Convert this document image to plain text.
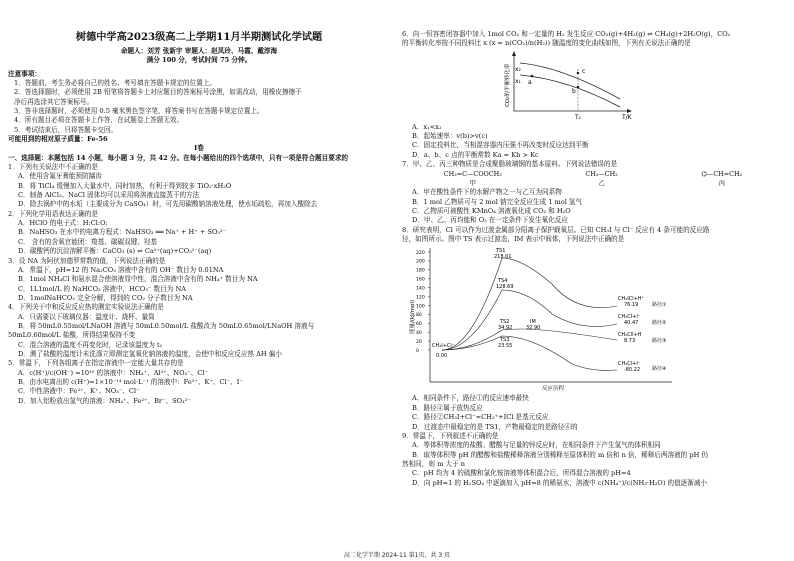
树德中学高2023级高二上学期11月半期测试化学试题
命题人：刘芳 张新宇 审题人：赵凤玲、马霞、戴淳海
满分 100 分，考试时间 75 分钟。
注意事项：
1．答题前，考生务必将自己的姓名、考号填在答题卡规定的位置上。
2．答选择题时，必须使用 2B 铅笔将答题卡上对应题目的答案标号涂黑，如需改动，用橡皮擦擦干
净后再选涂其它答案标号。
3．答非选择题时，必须使用 0.5 毫米黑色签字笔，将答案书写在答题卡规定位置上。
4．所有题目必须在答题卡上作答，在试题卷上答题无效。
5．考试结束后，只将答题卡交回。
可能用到的相对原子质量：Fe-56
Ⅰ卷
一、选择题：本题包括 14 小题，每小题 3 分，共 42 分。在每小题给出的四个选项中，只有一项是符合题目要求的
1．下列有关说法中不正确的是
A．使用含氟牙膏能预防龋齿
B．将 TiCl₄ 缓慢加入大量水中，同时加热，有利于得到较多 TiO₂·xH₂O
C．制备 AlCl₃、NaCl 固体均可以采用将溶液直接蒸干的方法
D．除去锅炉中的水垢（主要成分为 CaSO₄）时，可先用碳酸钠溶液处理，使水垢疏松，再加入酸除去
2．下列化学用语表达正确的是
A．HClO 的电子式：H:Cl:O:
B．NaHSO₃ 在水中的电离方程式：NaHSO₃ ══ Na⁺ + H⁺ + SO₃²⁻
C． 含有的含氧官能团：羧基、碳碳双键、羟基
D．碳酸钙的沉淀溶解平衡：CaCO₃ (s) ⇌ Ca²⁺(aq)+CO₃²⁻(aq)
3．设 NA 为阿伏加德罗常数的值，下列说法正确的是
A．常温下，pH=12 的 Na₂CO₃ 溶液中含有的 OH⁻ 数目为 0.01NA
B．1mol NH₄Cl 和氨水混合使溶液显中性，混合溶液中含有的 NH₄⁺ 数目为 NA
C．1L1mol/L 的 NaHCO₃ 溶液中，HCO₃⁻ 数目为 NA
D．1molNaHCO₃ 完全分解，得到的 CO₂ 分子数目为 NA
4．下列关于中和反应反应热的测定实验说法正确的是
A．只需要以下玻璃仪器：温度计、烧杯、量筒
B．将 50mL0.55mol/LNaOH 溶液与 50mL0.50mol/L 盐酸改为 50mL0.65mol/LNaOH 溶液与
50mL0.60mol/L 盐酸，所得结果保持不变
C．混合溶液的温度不再变化时，记录该温度为 t₂
D．测了盐酸的温度计未洗涤立即测定氢氧化钠溶液的温度，会使中和反应反应热 ΔH 偏小
5．常温下，下列各组离子在指定溶液中一定能大量共存的是
A．c(H⁺)/c(OH⁻) =10¹⁰ 的溶液中：NH₄⁺、Al³⁺、NO₃⁻、Cl⁻
B．由水电离出的 c(H⁺)=1×10⁻¹⁴ mol·L⁻¹ 的溶液中：Fe²⁺、K⁺、Cl⁻、I⁻
C．中性溶液中：Fe³⁺、K⁺、NO₃⁻、Cl⁻
D．加入铝粉放出氢气的溶液：NH₄⁺、Fe²⁺、Br⁻、SO₄²⁻
6．向一恒容密闭容器中加入 1mol CO₂ 和一定量的 H₂ 发生反应 CO₂(g)+4H₂(g) ⇌ CH₄(g)+2H₂O(g)，CO₂
的平衡转化率按不同投料比 x (x = n(CO₂)/n(H₂)) 随温度的变化曲线如图，下列有关说法正确的是
x₂
x₁ a
b
c
T₁	T/K
CO₂的平衡转化率
A．x₁<x₂
B．起始速率：v(b)>v(c)
C．固定投料比，当相混容器内压强不再改变时反应达到平衡
D．a、b、c 点的平衡常数 Ka = Kb > Kc
7．甲、乙、丙三种物质是合成聚脂玻璃钢的基本原料。下列说法错误的是
CH₂=C—COOCH₃
甲
CH₂—CH₂
乙
⌬—CH=CH₂
丙
A．甲在酸性条件下的水解产物之一与乙互为同系物
B．1 mol 乙物质可与 2 mol 钠完全反应生成 1 mol 氢气
C．乙物质可被酸性 KMnO₄ 溶液氧化成 CO₂ 和 H₂O
D．甲、乙、丙均能和 O₂ 在一定条件下发生氧化反应
8．研究表明，Cl 可以作为过渡金属部分阳离子保护载氧层。已知 CH₃I 与 Cl⁻ 反应有 4 条可能的反应路
径，如图所示。图中 TS 表示过渡态，IM 表示中间体，下列说法中正确的是
0
20
40
60
80
100
120
140
160
180
200
220
能量/(kJ/mol)
反应历程
CH₃I+Cl⁻
0.00
TS1
218.01
TS4
128.69
TS2
34.92
IM
32.90
TS3
23.55
CH₃ICl+H⁺
76.19
CH₃Cl+I⁻
40.47
CH₂ClI+H
8.73
CH₃Cl+I⁻
-80.22
路径①
路径②
路径③
路径④
A．相同条件下，路径①的反应速率最快
B．路径④属于放热反应
C．路径②CH₃I+Cl⁻=CH₃⁺+ICl 是基元反应
D．过渡态中最稳定的是 TS1，产物最稳定的是路径④的
9．常温下，下列叙述不正确的是
A．等体积等浓度的盐酸、醋酸与足量的锌反应时，在相同条件下产生氢气的体积相同
B．取等体积等 pH 的醋酸和盐酸稀释溶液分别稀释至原体积的 m 倍和 n 倍，稀释后两溶液的 pH 仍
然相同，则 m 大于 n
C．pH 均为 4 的硫酸和氯化铵溶液等体积混合后，所得混合溶液的 pH=4
D．向 pH=1 的 H₂SO₄ 中逐滴加入 pH=8 的稀氨水，溶液中 c(NH₄⁺)/c(NH₃·H₂O) 的值逐渐减小
高二化学半期 2024-11 第1页，共 3 页
